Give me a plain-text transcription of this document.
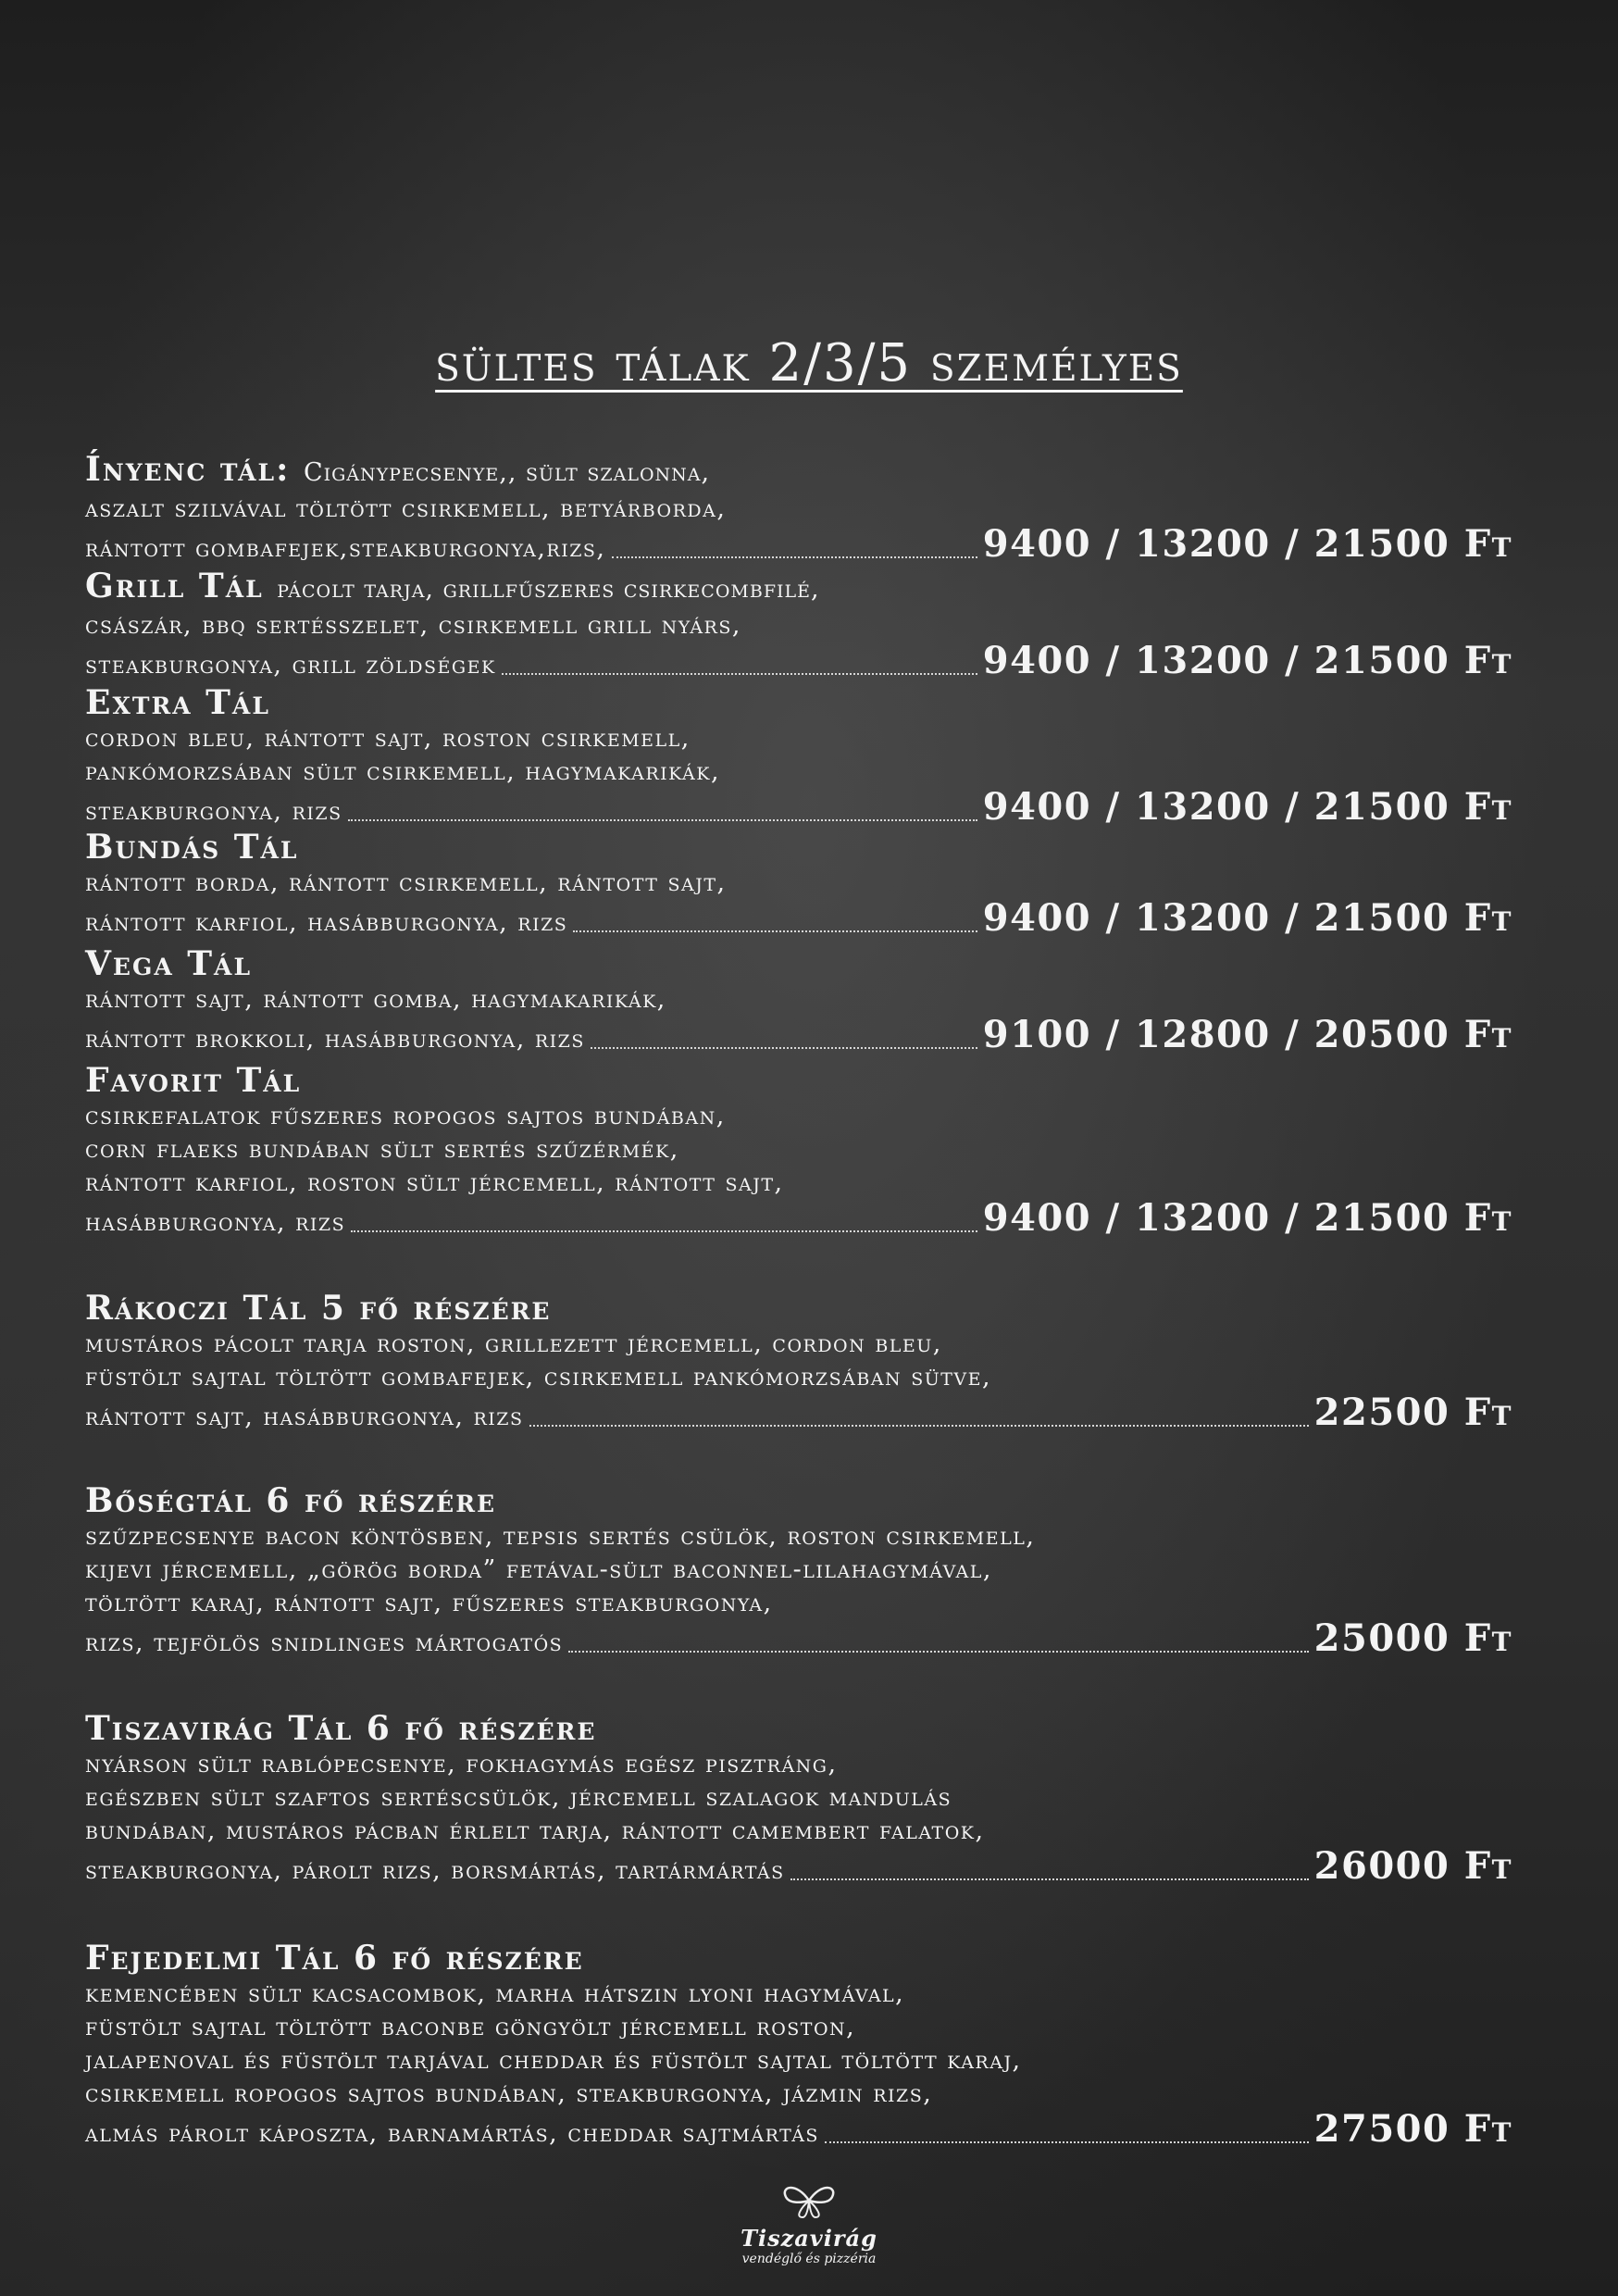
sültes tálak 2/3/5 személyes
Ínyenc tál: Cigánypecsenye,, sült szalonna,
aszalt szilvával töltött csirkemell, betyárborda,
rántott gombafejek,steakburgonya,rizs,	9400 / 13200 / 21500 Ft
Grill Tál pácolt tarja, grillfűszeres csirkecombfilé,
császár, bbq sertésszelet, csirkemell grill nyárs,
steakburgonya, grill zöldségek	9400 / 13200 / 21500 Ft
Extra Tál
cordon bleu, rántott sajt, roston csirkemell,
pankómorzsában sült csirkemell, hagymakarikák,
steakburgonya, rizs	9400 / 13200 / 21500 Ft
Bundás Tál
rántott borda, rántott csirkemell, rántott sajt,
rántott karfiol, hasábburgonya, rizs	9400 / 13200 / 21500 Ft
Vega Tál
rántott sajt, rántott gomba, hagymakarikák,
rántott brokkoli, hasábburgonya, rizs	9100 / 12800 / 20500 Ft
Favorit Tál
csirkefalatok fűszeres ropogos sajtos bundában,
corn flaeks bundában sült sertés szűzérmék,
rántott karfiol, roston sült jércemell, rántott sajt,
hasábburgonya, rizs	9400 / 13200 / 21500 Ft
Rákoczi Tál 5 fő részére
mustáros pácolt tarja roston, grillezett jércemell, cordon bleu,
füstölt sajtal töltött gombafejek, csirkemell pankómorzsában sütve,
rántott sajt, hasábburgonya, rizs	22500 Ft
Bőségtál 6 fő részére
szűzpecsenye bacon köntösben, tepsis sertés csülök, roston csirkemell,
kijevi jércemell, „görög borda” fetával-sült baconnel-lilahagymával,
töltött karaj, rántott sajt, fűszeres steakburgonya,
rizs, tejfölös snidlinges mártogatós	25000 Ft
Tiszavirág Tál 6 fő részére
nyárson sült rablópecsenye, fokhagymás egész pisztráng,
egészben sült szaftos sertéscsülök, jércemell szalagok mandulás
bundában, mustáros pácban érlelt tarja, rántott camembert falatok,
steakburgonya, párolt rizs, borsmártás, tartármártás	26000 Ft
Fejedelmi Tál 6 fő részére
kemencében sült kacsacombok, marha hátszin lyoni hagymával,
füstölt sajtal töltött baconbe göngyölt jércemell roston,
jalapenoval és füstölt tarjával cheddar és füstölt sajtal töltött karaj,
csirkemell ropogos sajtos bundában, steakburgonya, jázmin rizs,
almás párolt káposzta, barnamártás, cheddar sajtmártás	27500 Ft
Tiszavirág
vendéglő és pizzéria
